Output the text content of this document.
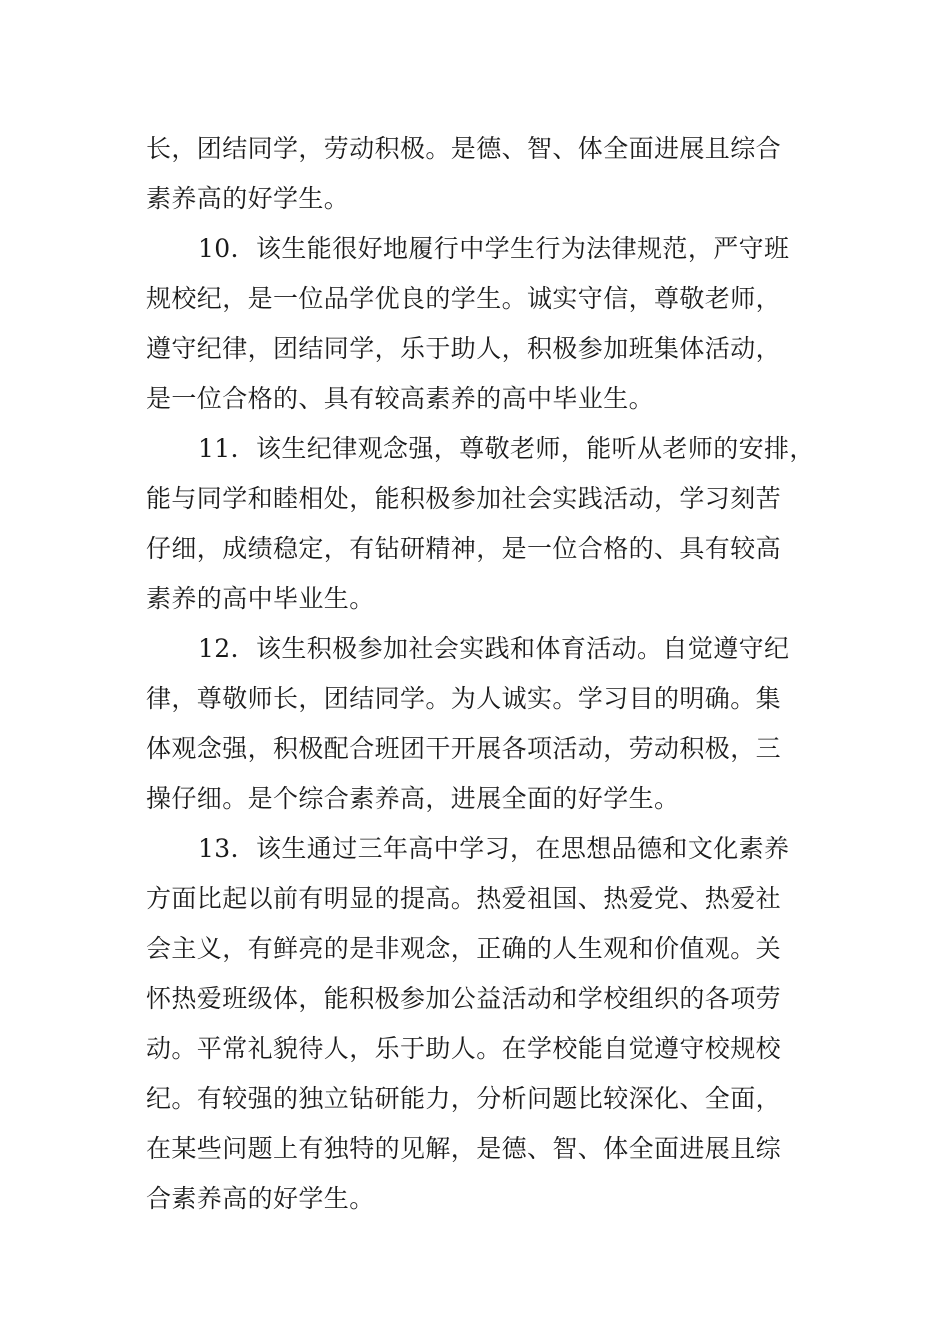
长，团结同学，劳动积极。是德、智、体全面进展且综合
素养高的好学生。
10．该生能很好地履行中学生行为法律规范，严守班
规校纪，是一位品学优良的学生。诚实守信，尊敬老师，
遵守纪律，团结同学，乐于助人，积极参加班集体活动，
是一位合格的、具有较高素养的高中毕业生。
11．该生纪律观念强，尊敬老师，能听从老师的安排，
能与同学和睦相处，能积极参加社会实践活动，学习刻苦
仔细，成绩稳定，有钻研精神，是一位合格的、具有较高
素养的高中毕业生。
12．该生积极参加社会实践和体育活动。自觉遵守纪
律，尊敬师长，团结同学。为人诚实。学习目的明确。集
体观念强，积极配合班团干开展各项活动，劳动积极，三
操仔细。是个综合素养高，进展全面的好学生。
13．该生通过三年高中学习，在思想品德和文化素养
方面比起以前有明显的提高。热爱祖国、热爱党、热爱社
会主义，有鲜亮的是非观念，正确的人生观和价值观。关
怀热爱班级体，能积极参加公益活动和学校组织的各项劳
动。平常礼貌待人，乐于助人。在学校能自觉遵守校规校
纪。有较强的独立钻研能力，分析问题比较深化、全面，
在某些问题上有独特的见解，是德、智、体全面进展且综
合素养高的好学生。
